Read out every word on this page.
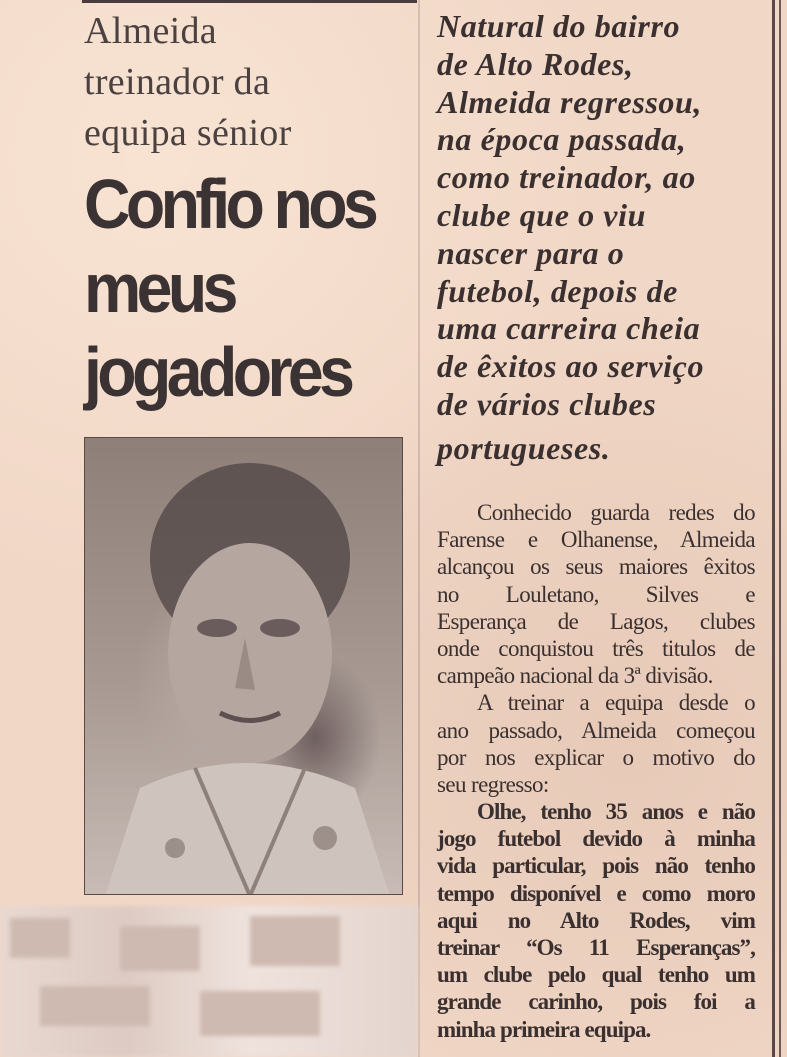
Almeida
treinador da
equipa sénior
Confio nos
meus
jogadores
Natural do bairro
de Alto Rodes,
Almeida regressou,
na época passada,
como treinador, ao
clube que o viu
nascer para o
futebol, depois de
uma carreira cheia
de êxitos ao serviço
de vários clubes
portugueses.
Conhecido guarda redes do
Farense e Olhanense, Almeida
alcançou os seus maiores êxitos
no Louletano, Silves e
Esperança de Lagos, clubes
onde conquistou três titulos de
campeão nacional da 3ª divisão.
A treinar a equipa desde o
ano passado, Almeida começou
por nos explicar o motivo do
seu regresso:
Olhe, tenho 35 anos e não
jogo futebol devido à minha
vida particular, pois não tenho
tempo disponível e como moro
aqui no Alto Rodes, vim
treinar “Os 11 Esperanças”,
um clube pelo qual tenho um
grande carinho, pois foi a
minha primeira equipa.
